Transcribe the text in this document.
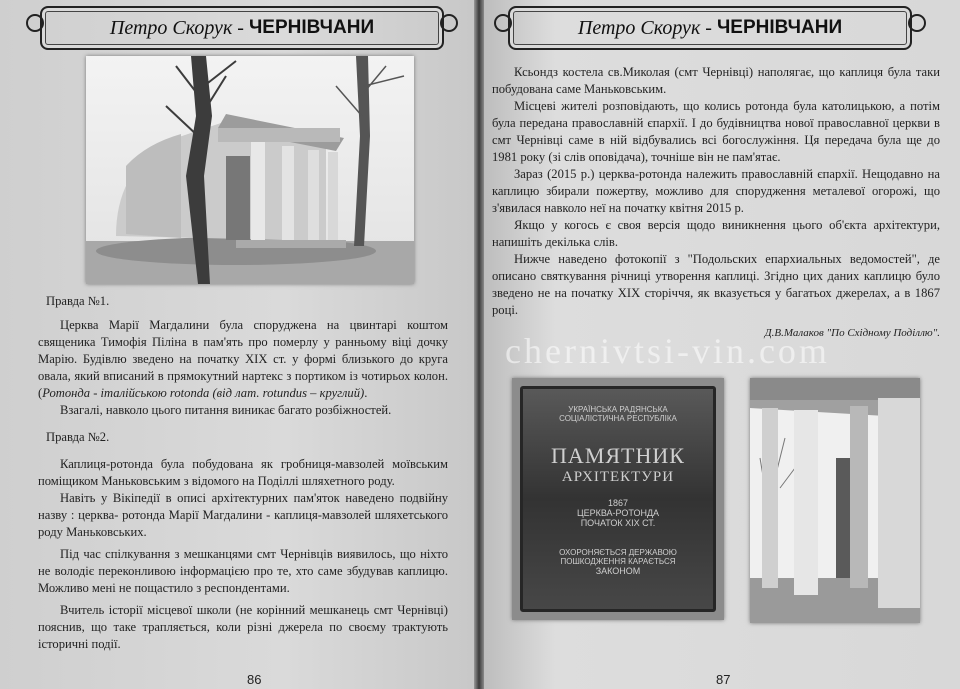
Петро Скорук -
ЧЕРНІВЧАНИ

Правда №1.

Церква Марії Магдалини була споруджена на цвинтарі коштом священика Тимофія Піліна в пам'ять про померлу у ранньому віці дочку Марію. Будівлю зведено на початку XIX ст. у формі близького до круга овала, який вписаний в прямокутний нартекс з портиком із чотирьох колон. (Ротонда - італійською rotonda (від лат. rotundus – круглий).

Взагалі, навколо цього питання виникає багато розбіжностей.

Правда №2.

Каплиця-ротонда була побудована як гробниця-мавзолей моївським поміщиком Маньковським з відомого на Поділлі шляхетного роду.

Навіть у Вікіпедії в описі архітектурних пам'яток наведено подвійну назву : церква- ротонда Марії Магдалини - каплиця-мавзолей шляхетського роду Маньковських.

Під час спілкування з мешканцями смт Чернівців виявилось, що ніхто не володіє переконливою інформацією про те, хто саме збудував каплицю. Можливо мені не пощастило з респондентами.

Вчитель історії місцевої школи (не корінний мешканець смт Чернівці) пояснив, що таке трапляється, коли різні джерела по своєму трактують історичні події.

86
Петро Скорук -
ЧЕРНІВЧАНИ

Ксьондз костела св.Миколая (смт Чернівці) наполягає, що каплиця була таки побудована саме Маньковським.

Місцеві жителі розповідають, що колись ротонда була католицькою, а потім була передана православній єпархії. І до будівництва нової православної церкви в смт Чернівці саме в ній відбувались всі богослужіння. Ця передача була ще до 1981 року (зі слів оповідача), точніше він не пам'ятає.

Зараз (2015 р.) церква-ротонда належить православній єпархії. Нещодавно на каплицю збирали пожертву, можливо для спорудження металевої огорожі, що з'явилася навколо неї на початку квітня 2015 р.

Якщо у когось є своя версія щодо виникнення цього об'єкта архітектури, напишіть декілька слів.

Нижче наведено фотокопії з "Подольских епархиальных ведомостей", де описано святкування річниці утворення каплиці. Згідно цих даних каплицю було зведено не на початку XIX сторіччя, як вказується у багатьох джерелах, а в 1867 році.

Д.В.Малаков "По Східному Поділлю".

УКРАЇНСЬКА РАДЯНСЬКА
СОЦІАЛІСТИЧНА РЕСПУБЛІКА
ПАМЯТНИК
АРХІТЕКТУРИ
1867
ЦЕРКВА-РОТОНДА
ПОЧАТОК XIX СТ.
ОХОРОНЯЄТЬСЯ ДЕРЖАВОЮ
ПОШКОДЖЕННЯ КАРАЄТЬСЯ
ЗАКОНОМ
chernivtsi-vin.com
87
